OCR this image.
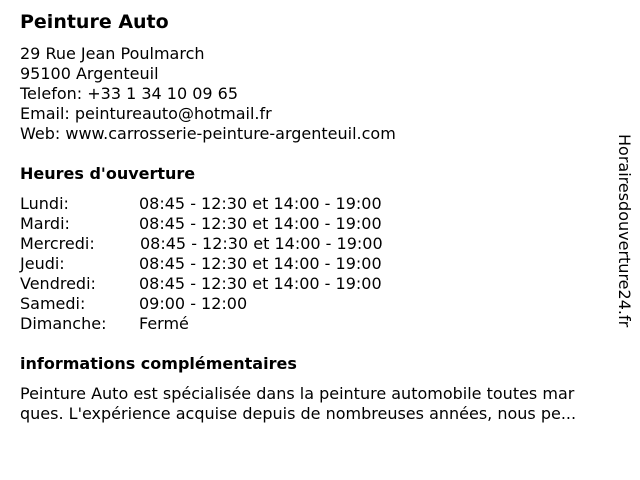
Peinture Auto
29 Rue Jean Poulmarch
95100 Argenteuil
Telefon: +33 1 34 10 09 65
Email: peintureauto@hotmail.fr
Web: www.carrosserie-peinture-argenteuil.com
Heures d'ouverture
Lundi:	08:45 - 12:30 et 14:00 - 19:00
Mardi:	08:45 - 12:30 et 14:00 - 19:00
Mercredi:	08:45 - 12:30 et 14:00 - 19:00
Jeudi:	08:45 - 12:30 et 14:00 - 19:00
Vendredi:	08:45 - 12:30 et 14:00 - 19:00
Samedi:	09:00 - 12:00
Dimanche: Fermé
informations complémentaires
Peinture Auto est spécialisée dans la peinture automobile toutes mar
ques. L'expérience acquise depuis de nombreuses années, nous pe...
Horairesdouverture24.fr
